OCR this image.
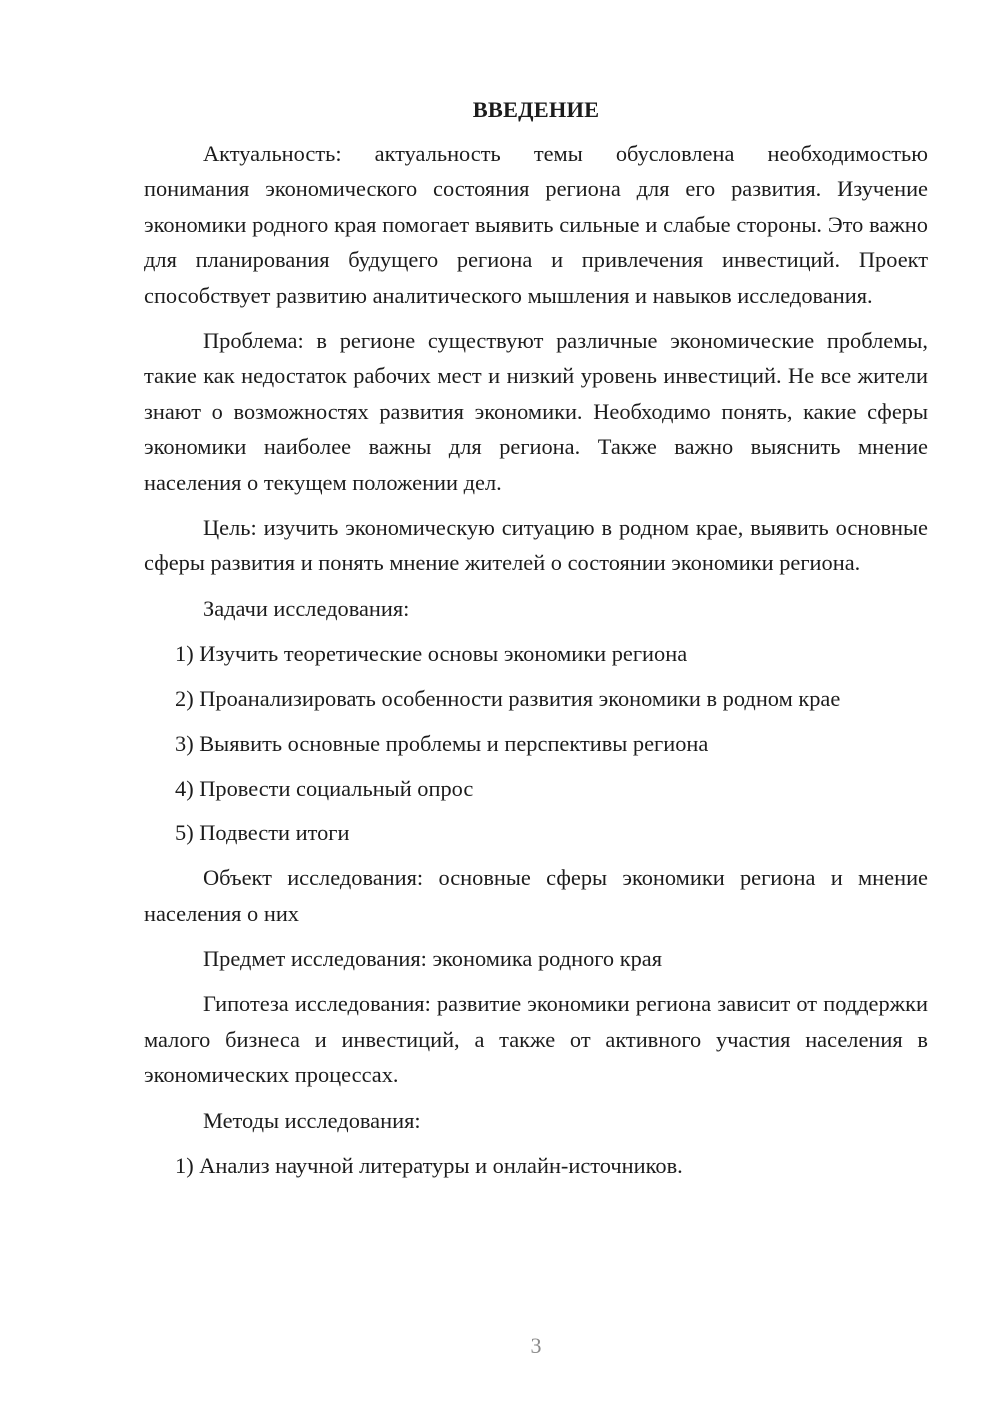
ВВЕДЕНИЕ

Актуальность: актуальность темы обусловлена необходимостью понимания экономического состояния региона для его развития. Изучение экономики родного края помогает выявить сильные и слабые стороны. Это важно для планирования будущего региона и привлечения инвестиций. Проект способствует развитию аналитического мышления и навыков исследования.

Проблема: в регионе существуют различные экономические проблемы, такие как недостаток рабочих мест и низкий уровень инвестиций. Не все жители знают о возможностях развития экономики. Необходимо понять, какие сферы экономики наиболее важны для региона. Также важно выяснить мнение населения о текущем положении дел.

Цель: изучить экономическую ситуацию в родном крае, выявить основные сферы развития и понять мнение жителей о состоянии экономики региона.

Задачи исследования:

1) Изучить теоретические основы экономики региона
2) Проанализировать особенности развития экономики в родном крае
3) Выявить основные проблемы и перспективы региона
4) Провести социальный опрос
5) Подвести итоги

Объект исследования: основные сферы экономики региона и мнение населения о них

Предмет исследования: экономика родного края

Гипотеза исследования: развитие экономики региона зависит от поддержки малого бизнеса и инвестиций, а также от активного участия населения в экономических процессах.

Методы исследования:

1) Анализ научной литературы и онлайн-источников.
3
